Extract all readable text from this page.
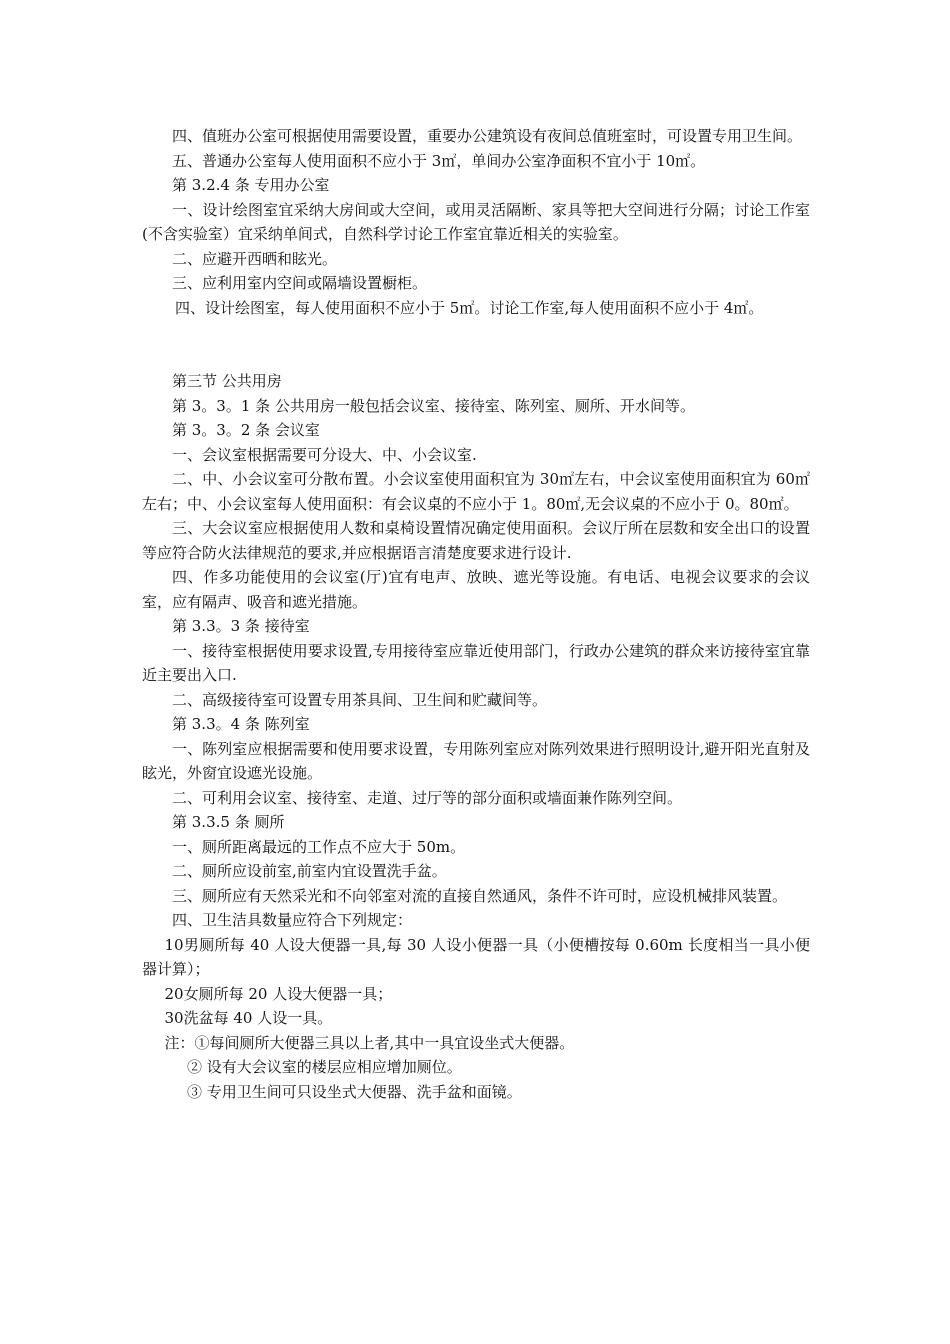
四、值班办公室可根据使用需要设置，重要办公建筑设有夜间总值班室时，可设置专用卫生间。

五、普通办公室每人使用面积不应小于 3㎡，单间办公室净面积不宜小于 10㎡。

第 3.2.4 条 专用办公室

一、设计绘图室宜采纳大房间或大空间，或用灵活隔断、家具等把大空间进行分隔；讨论工作室(不含实验室）宜采纳单间式，自然科学讨论工作室宜靠近相关的实验室。

二、应避开西晒和眩光。

三、应利用室内空间或隔墙设置橱柜。

四、设计绘图室，每人使用面积不应小于 5㎡。讨论工作室,每人使用面积不应小于 4㎡。

第三节 公共用房

第 3。3。1 条 公共用房一般包括会议室、接待室、陈列室、厕所、开水间等。

第 3。3。2 条 会议室

一、会议室根据需要可分设大、中、小会议室.

二、中、小会议室可分散布置。小会议室使用面积宜为 30㎡左右，中会议室使用面积宜为 60㎡左右；中、小会议室每人使用面积：有会议桌的不应小于 1。80㎡,无会议桌的不应小于 0。80㎡。

三、大会议室应根据使用人数和桌椅设置情况确定使用面积。会议厅所在层数和安全出口的设置等应符合防火法律规范的要求,并应根据语言清楚度要求进行设计.

四、作多功能使用的会议室(厅)宜有电声、放映、遮光等设施。有电话、电视会议要求的会议室，应有隔声、吸音和遮光措施。

第 3.3。3 条 接待室

一、接待室根据使用要求设置,专用接待室应靠近使用部门，行政办公建筑的群众来访接待室宜靠近主要出入口.

二、高级接待室可设置专用茶具间、卫生间和贮藏间等。

第 3.3。4 条 陈列室

一、陈列室应根据需要和使用要求设置，专用陈列室应对陈列效果进行照明设计,避开阳光直射及眩光，外窗宜设遮光设施。

二、可利用会议室、接待室、走道、过厅等的部分面积或墙面兼作陈列空间。

第 3.3.5 条 厕所

一、厕所距离最远的工作点不应大于 50m。

二、厕所应设前室,前室内宜设置洗手盆。

三、厕所应有天然采光和不向邻室对流的直接自然通风，条件不许可时，应设机械排风装置。

四、卫生洁具数量应符合下列规定：

10男厕所每 40 人设大便器一具,每 30 人设小便器一具（小便槽按每 0.60m 长度相当一具小便器计算）；

20女厕所每 20 人设大便器一具；

30洗盆每 40 人设一具。

注：①每间厕所大便器三具以上者,其中一具宜设坐式大便器。

② 设有大会议室的楼层应相应增加厕位。

③ 专用卫生间可只设坐式大便器、洗手盆和面镜。
